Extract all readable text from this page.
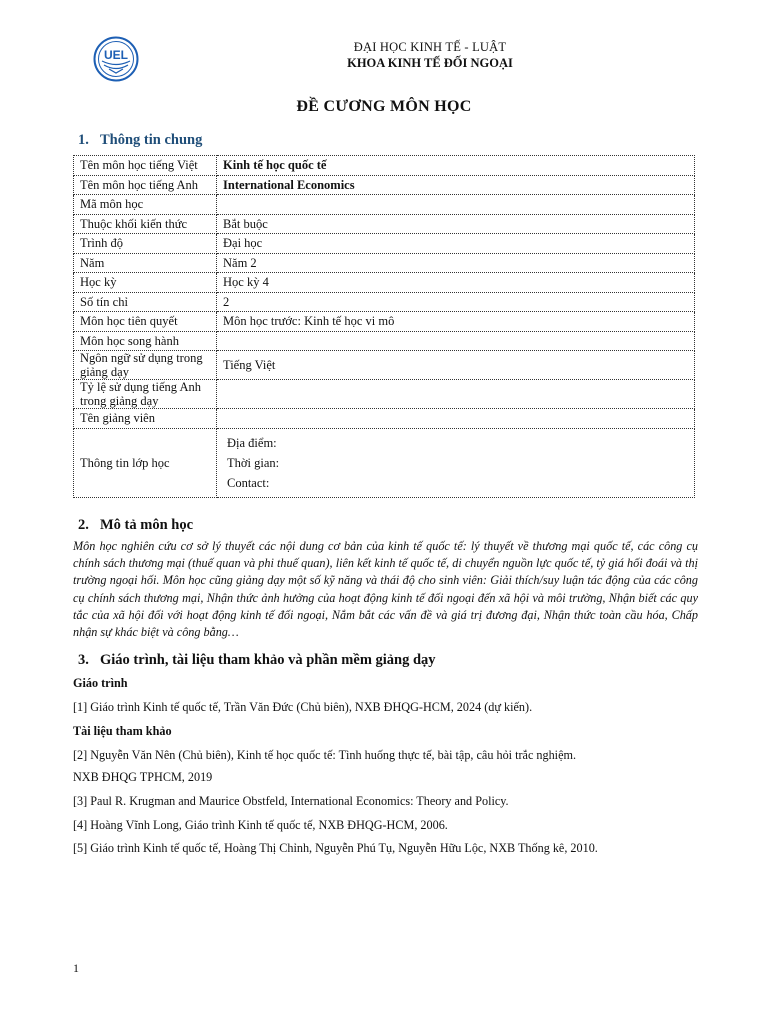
UEL
ĐẠI HỌC KINH TẾ - LUẬT
KHOA KINH TẾ ĐỐI NGOẠI
ĐỀ CƯƠNG MÔN HỌC
1. Thông tin chung
Tên môn học tiếng Việt	Kinh tế học quốc tế
Tên môn học tiếng Anh	International Economics
Mã môn học	
Thuộc khối kiến thức	Bắt buộc
Trình độ	Đại học
Năm	Năm 2
Học kỳ	Học kỳ 4
Số tín chỉ	2
Môn học tiên quyết	Môn học trước: Kinh tế học vi mô
Môn học song hành	
Ngôn ngữ sử dụng trong giảng dạy	Tiếng Việt
Tỷ lệ sử dụng tiếng Anh trong giảng dạy	
Tên giảng viên	
Thông tin lớp học	Địa điểm:
Thời gian:
Contact:
2. Mô tả môn học
Môn học nghiên cứu cơ sở lý thuyết các nội dung cơ bản của kinh tế quốc tế: lý thuyết về thương mại quốc tế, các công cụ chính sách thương mại (thuế quan và phi thuế quan), liên kết kinh tế quốc tế, di chuyển nguồn lực quốc tế, tỷ giá hối đoái và thị trường ngoại hối. Môn học cũng giảng dạy một số kỹ năng và thái độ cho sinh viên: Giải thích/suy luận tác động của các công cụ chính sách thương mại, Nhận thức ảnh hưởng của hoạt động kinh tế đối ngoại đến xã hội và môi trường, Nhận biết các quy tắc của xã hội đối với hoạt động kinh tế đối ngoại, Nắm bắt các vấn đề và giá trị đương đại, Nhận thức toàn cầu hóa, Chấp nhận sự khác biệt và công bằng…
3. Giáo trình, tài liệu tham khảo và phần mềm giảng dạy
Giáo trình
[1] Giáo trình Kinh tế quốc tế, Trần Văn Đức (Chủ biên), NXB ĐHQG-HCM, 2024 (dự kiến).
Tài liệu tham khảo
[2] Nguyễn Văn Nên (Chủ biên), Kinh tế học quốc tế: Tình huống thực tế, bài tập, câu hỏi trắc nghiệm.
NXB ĐHQG TPHCM, 2019
[3] Paul R. Krugman and Maurice Obstfeld, International Economics: Theory and Policy.
[4] Hoàng Vĩnh Long, Giáo trình Kinh tế quốc tế, NXB ĐHQG-HCM, 2006.
[5] Giáo trình Kinh tế quốc tế, Hoàng Thị Chỉnh, Nguyễn Phú Tụ, Nguyễn Hữu Lộc, NXB Thống kê, 2010.
1
